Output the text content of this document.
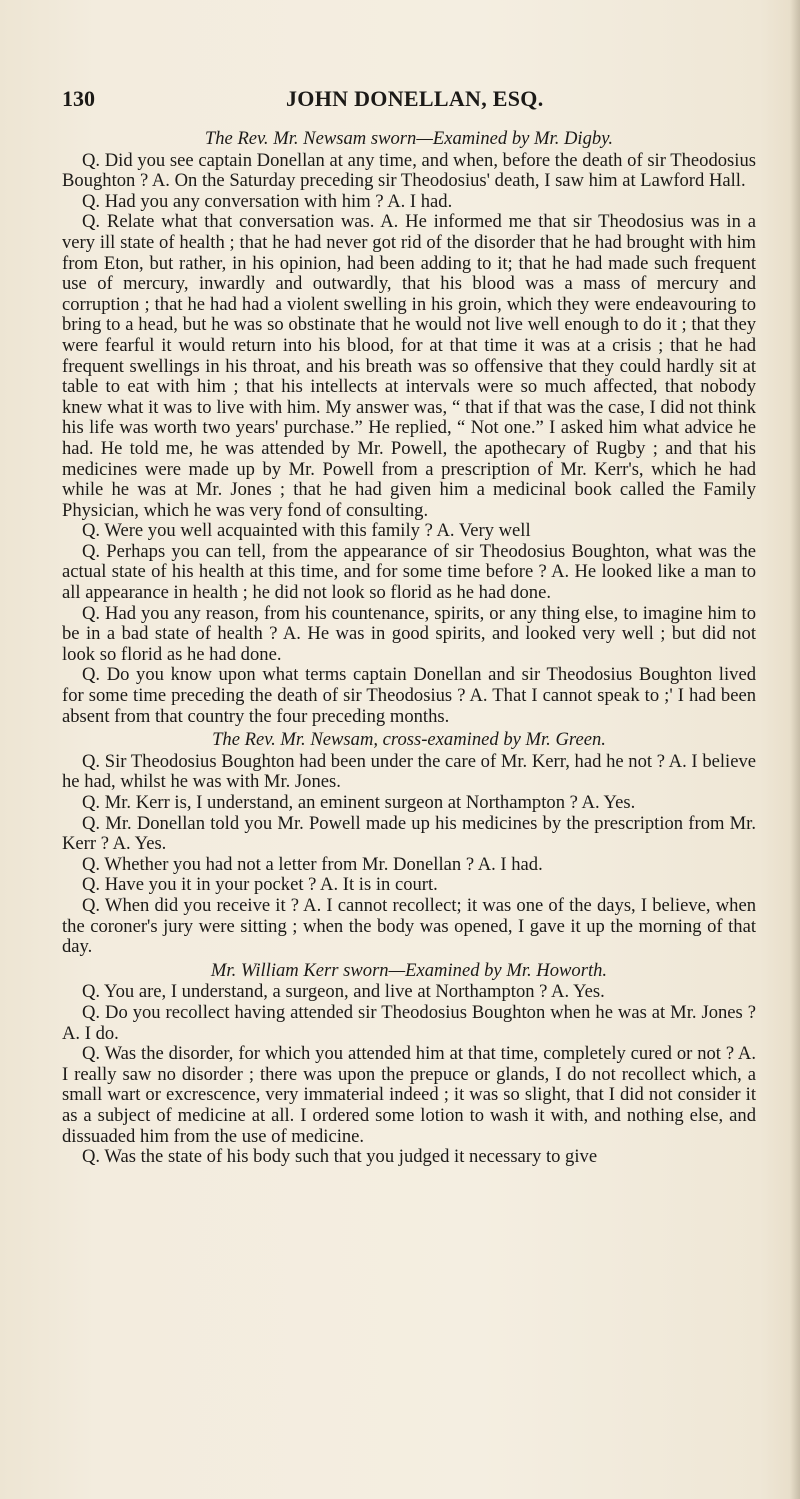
130	JOHN DONELLAN, ESQ.

The Rev. Mr. Newsam sworn—Examined by Mr. Digby.

Q. Did you see captain Donellan at any time, and when, before the death of sir Theodosius Boughton ? A. On the Saturday preceding sir Theodosius' death, I saw him at Lawford Hall.

Q. Had you any conversation with him ? A. I had.

Q. Relate what that conversation was. A. He informed me that sir Theodosius was in a very ill state of health ; that he had never got rid of the disorder that he had brought with him from Eton, but rather, in his opinion, had been adding to it; that he had made such frequent use of mercury, inwardly and outwardly, that his blood was a mass of mercury and corruption ; that he had had a violent swelling in his groin, which they were endeavouring to bring to a head, but he was so obstinate that he would not live well enough to do it ; that they were fearful it would return into his blood, for at that time it was at a crisis ; that he had frequent swellings in his throat, and his breath was so offensive that they could hardly sit at table to eat with him ; that his intellects at intervals were so much affected, that nobody knew what it was to live with him. My answer was, “ that if that was the case, I did not think his life was worth two years' purchase.” He replied, “ Not one.” I asked him what advice he had. He told me, he was attended by Mr. Powell, the apothecary of Rugby ; and that his medicines were made up by Mr. Powell from a prescription of Mr. Kerr's, which he had while he was at Mr. Jones ; that he had given him a medicinal book called the Family Physician, which he was very fond of consulting.

Q. Were you well acquainted with this family ? A. Very well

Q. Perhaps you can tell, from the appearance of sir Theodosius Boughton, what was the actual state of his health at this time, and for some time before ? A. He looked like a man to all appearance in health ; he did not look so florid as he had done.

Q. Had you any reason, from his countenance, spirits, or any thing else, to imagine him to be in a bad state of health ? A. He was in good spirits, and looked very well ; but did not look so florid as he had done.

Q. Do you know upon what terms captain Donellan and sir Theodosius Boughton lived for some time preceding the death of sir Theodosius ? A. That I cannot speak to ;' I had been absent from that country the four preceding months.

The Rev. Mr. Newsam, cross-examined by Mr. Green.

Q. Sir Theodosius Boughton had been under the care of Mr. Kerr, had he not ? A. I believe he had, whilst he was with Mr. Jones.

Q. Mr. Kerr is, I understand, an eminent surgeon at Northampton ? A. Yes.

Q. Mr. Donellan told you Mr. Powell made up his medicines by the prescription from Mr. Kerr ? A. Yes.

Q. Whether you had not a letter from Mr. Donellan ? A. I had.

Q. Have you it in your pocket ? A. It is in court.

Q. When did you receive it ? A. I cannot recollect; it was one of the days, I believe, when the coroner's jury were sitting ; when the body was opened, I gave it up the morning of that day.

Mr. William Kerr sworn—Examined by Mr. Howorth.

Q. You are, I understand, a surgeon, and live at Northampton ? A. Yes.

Q. Do you recollect having attended sir Theodosius Boughton when he was at Mr. Jones ? A. I do.

Q. Was the disorder, for which you attended him at that time, completely cured or not ? A. I really saw no disorder ; there was upon the prepuce or glands, I do not recollect which, a small wart or excrescence, very immaterial indeed ; it was so slight, that I did not consider it as a subject of medicine at all. I ordered some lotion to wash it with, and nothing else, and dissuaded him from the use of medicine.

Q. Was the state of his body such that you judged it necessary to give
